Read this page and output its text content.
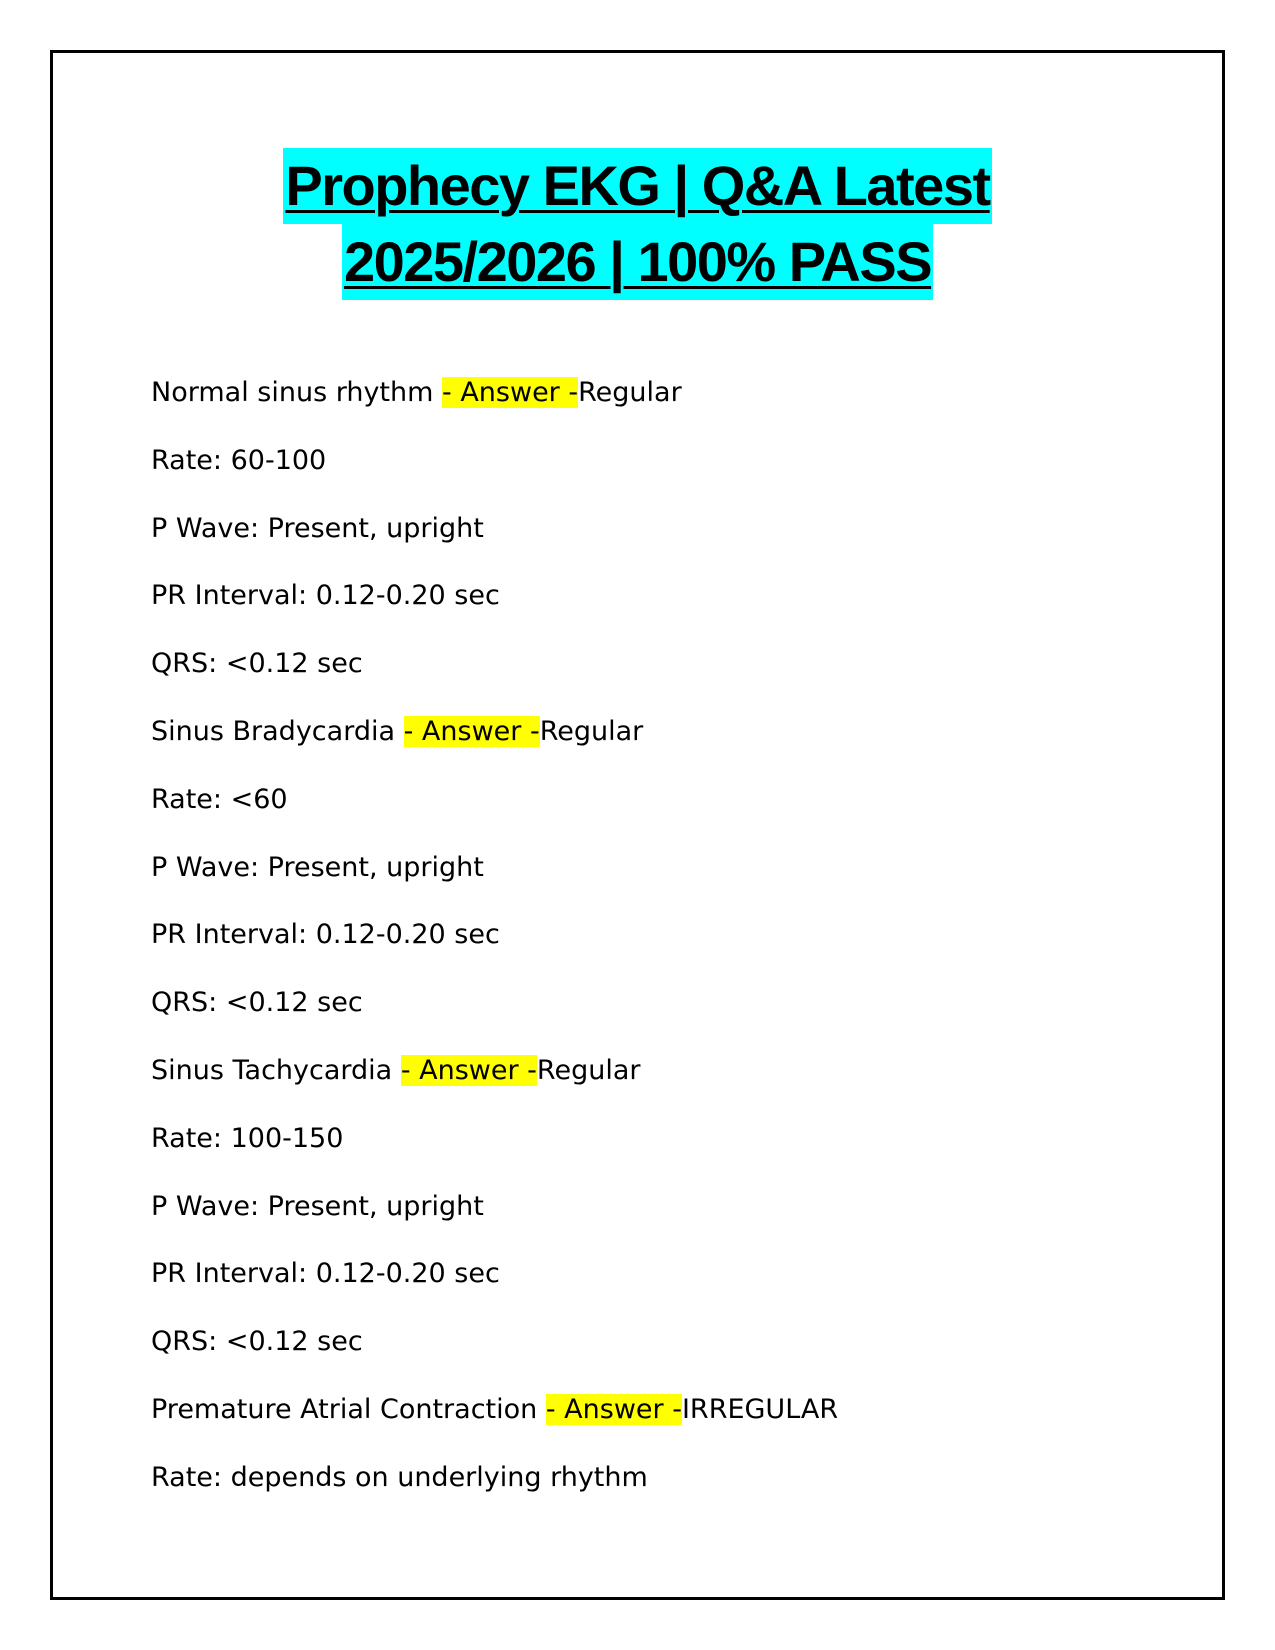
Prophecy EKG | Q&A Latest
2025/2026 | 100% PASS
Normal sinus rhythm - Answer -Regular
Rate: 60-100
P Wave: Present, upright
PR Interval: 0.12-0.20 sec
QRS: <0.12 sec
Sinus Bradycardia - Answer -Regular
Rate: <60
P Wave: Present, upright
PR Interval: 0.12-0.20 sec
QRS: <0.12 sec
Sinus Tachycardia - Answer -Regular
Rate: 100-150
P Wave: Present, upright
PR Interval: 0.12-0.20 sec
QRS: <0.12 sec
Premature Atrial Contraction - Answer -IRREGULAR
Rate: depends on underlying rhythm
